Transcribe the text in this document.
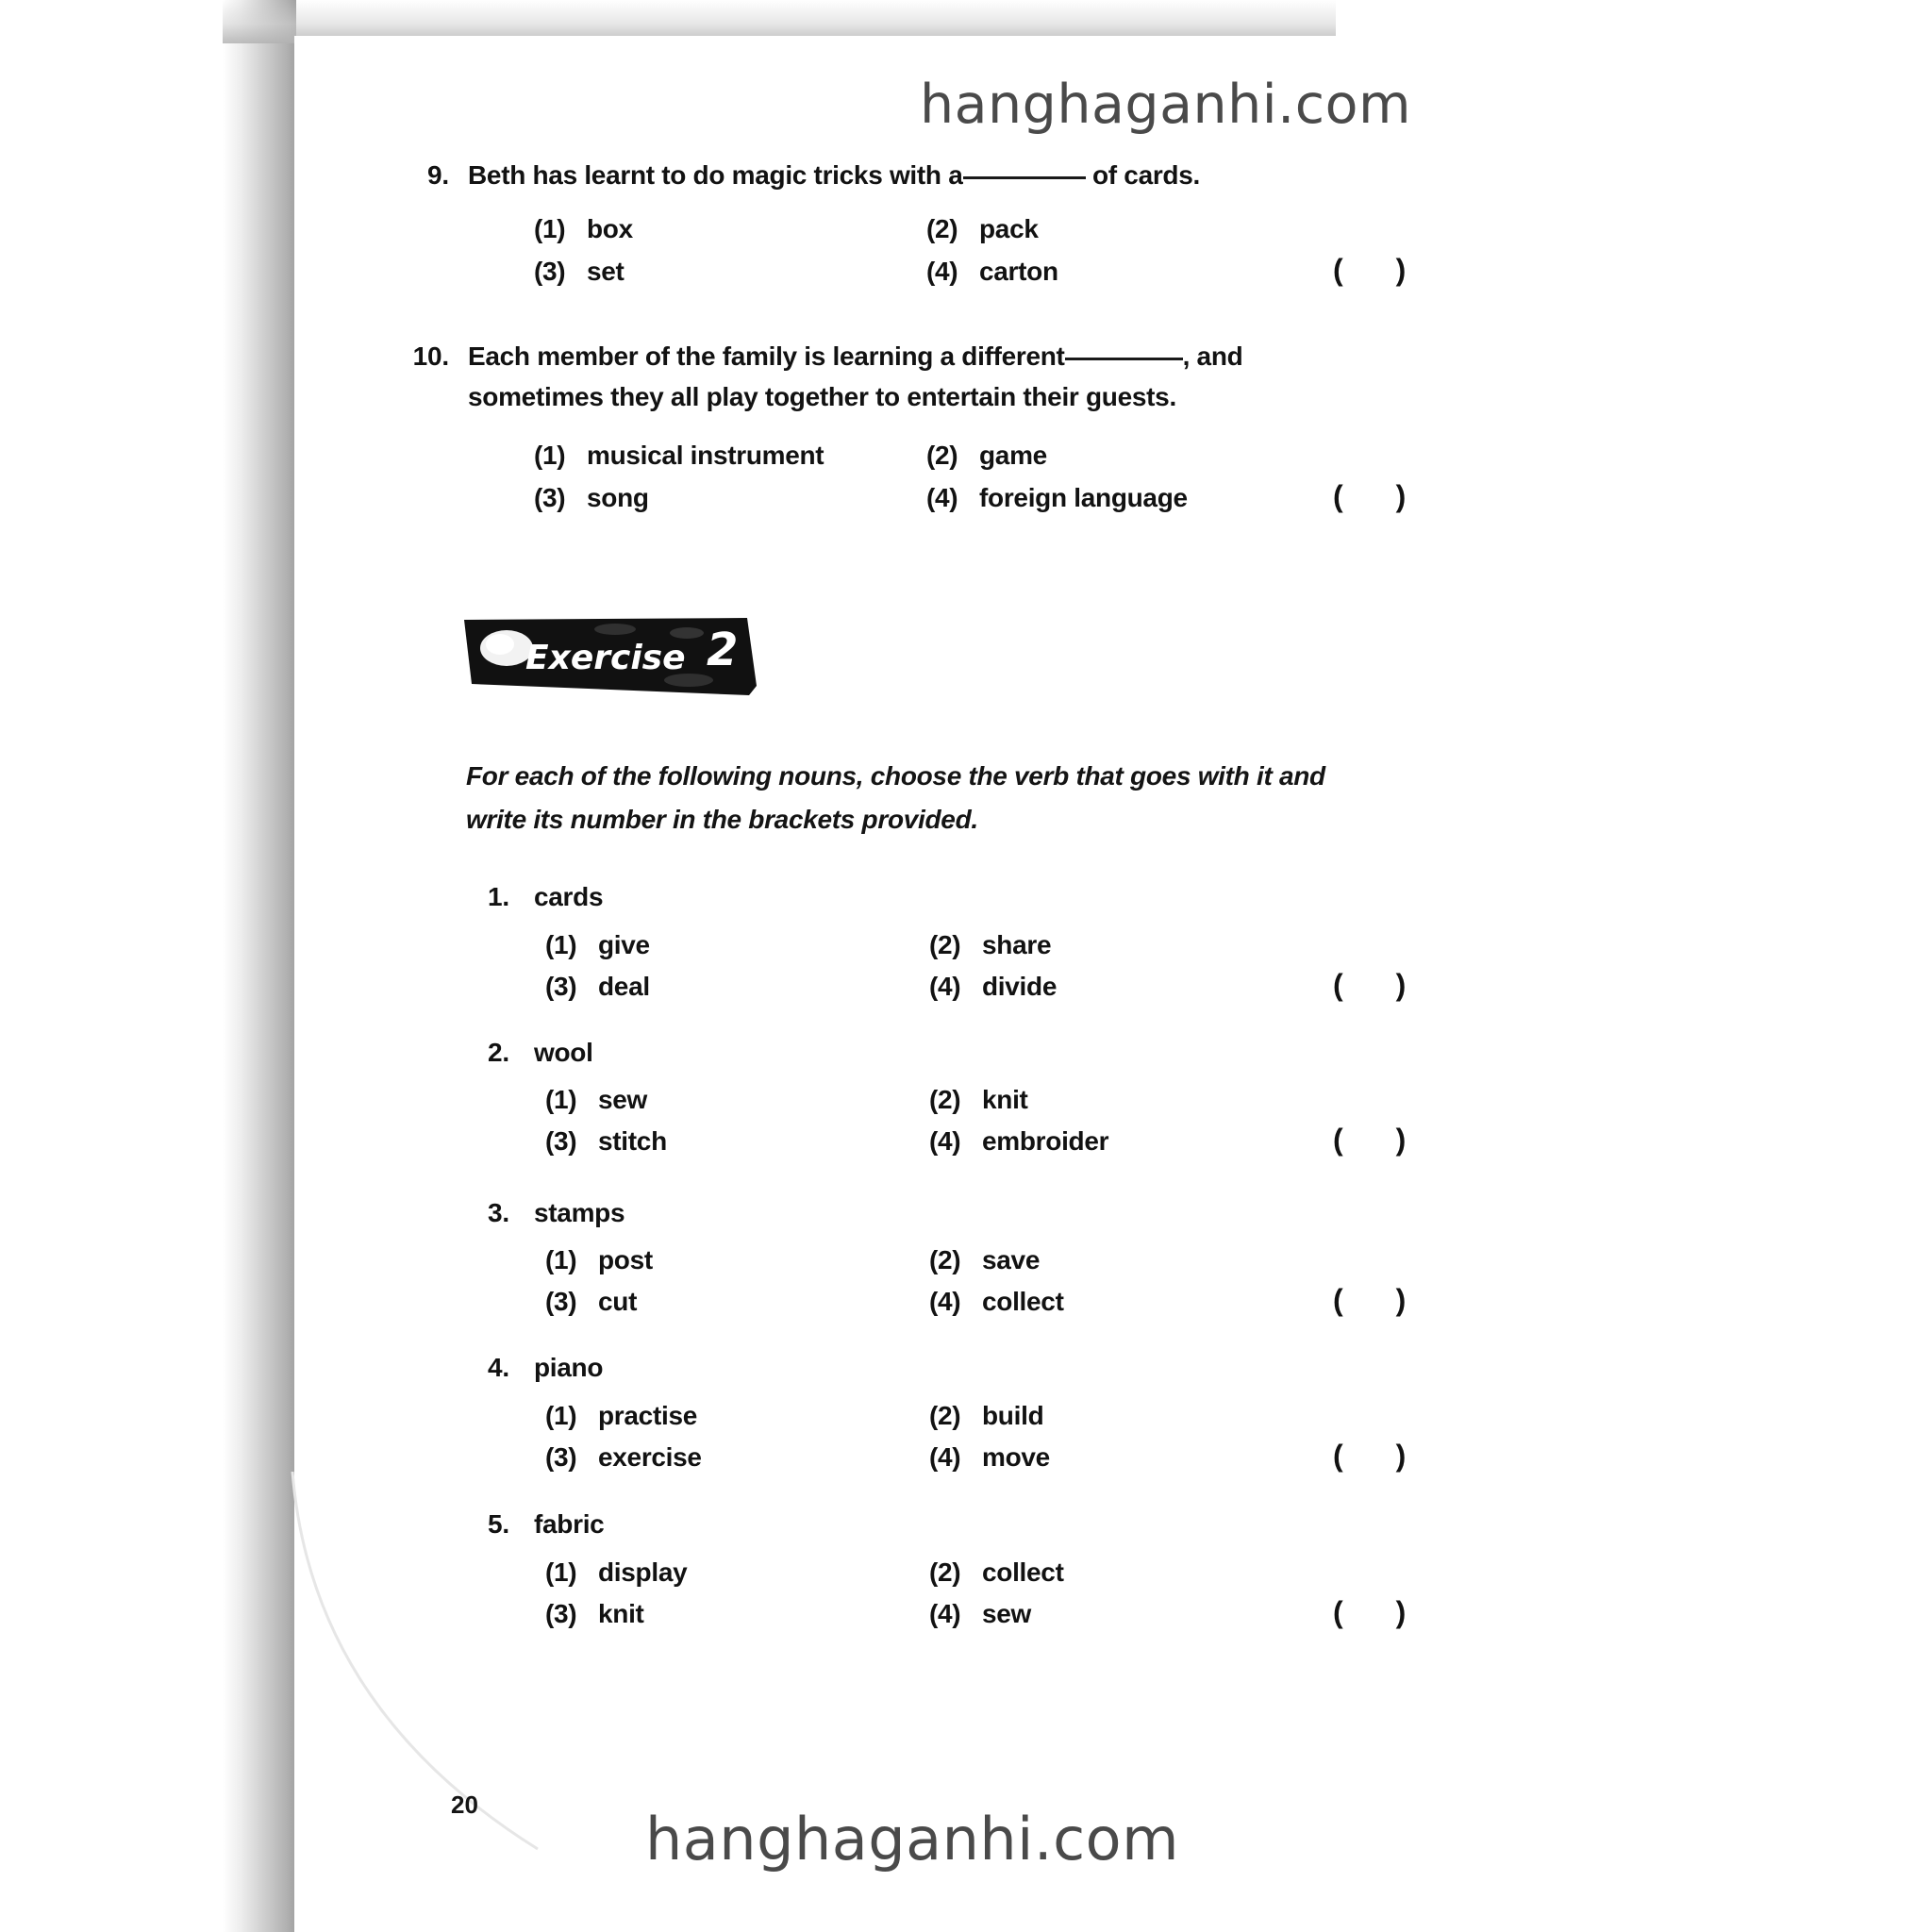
hanghaganhi.com
9. Beth has learnt to do magic tricks with a	of cards.
(1) box	(2) pack
(3) set	(4) carton	( )
10. Each member of the family is learning a different	, and
sometimes they all play together to entertain their guests.
(1) musical instrument	(2) game
(3) song	(4) foreign language	( )
Exercise 2
For each of the following nouns, choose the verb that goes with it and
write its number in the brackets provided.
1. cards
(1) give	(2) share
(3) deal	(4) divide	( )
2. wool
(1) sew	(2) knit
(3) stitch	(4) embroider	( )
3. stamps
(1) post	(2) save
(3) cut	(4) collect	( )
4. piano
(1) practise	(2) build
(3) exercise	(4) move	( )
5. fabric
(1) display	(2) collect
(3) knit	(4) sew	( )
20	hanghaganhi.com
